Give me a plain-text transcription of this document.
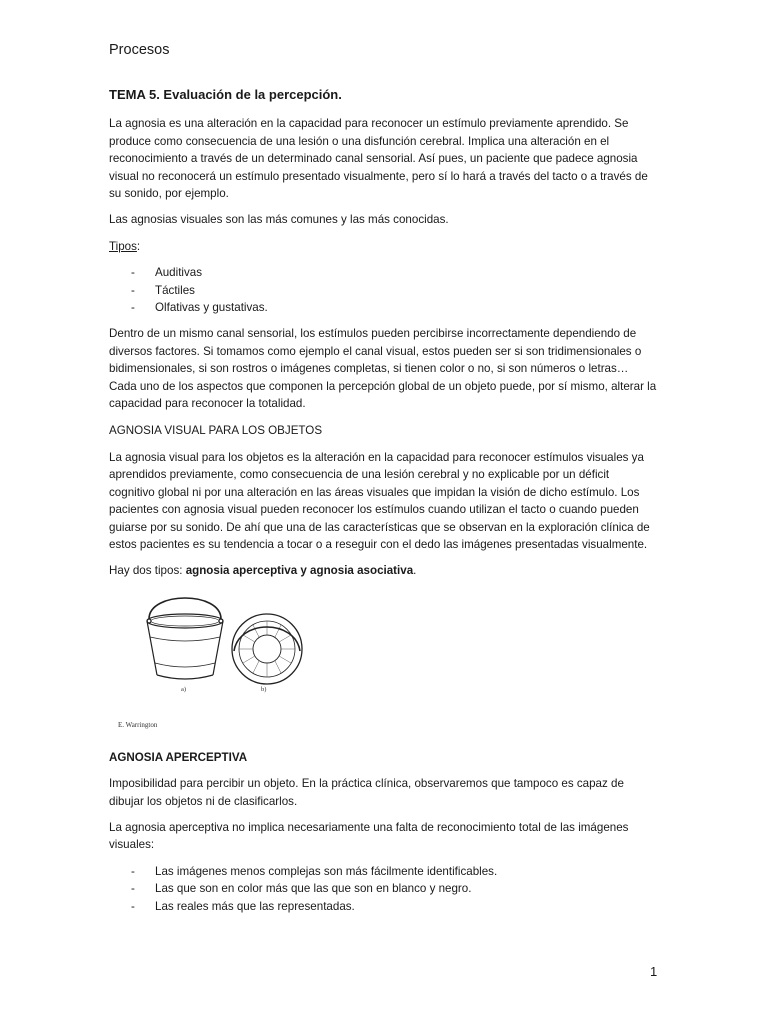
Procesos
TEMA 5. Evaluación de la percepción.

La agnosia es una alteración en la capacidad para reconocer un estímulo previamente aprendido. Se produce como consecuencia de una lesión o una disfunción cerebral. Implica una alteración en el reconocimiento a través de un determinado canal sensorial. Así pues, un paciente que padece agnosia visual no reconocerá un estímulo presentado visualmente, pero sí lo hará a través del tacto o a través de su sonido, por ejemplo.

Las agnosias visuales son las más comunes y las más conocidas.

Tipos:

- Auditivas
- Táctiles
- Olfativas y gustativas.

Dentro de un mismo canal sensorial, los estímulos pueden percibirse incorrectamente dependiendo de diversos factores. Si tomamos como ejemplo el canal visual, estos pueden ser si son tridimensionales o bidimensionales, si son rostros o imágenes completas, si tienen color o no, si son números o letras… Cada uno de los aspectos que componen la percepción global de un objeto puede, por sí mismo, alterar la capacidad para reconocer la totalidad.

AGNOSIA VISUAL PARA LOS OBJETOS

La agnosia visual para los objetos es la alteración en la capacidad para reconocer estímulos visuales ya aprendidos previamente, como consecuencia de una lesión cerebral y no explicable por un déficit cognitivo global ni por una alteración en las áreas visuales que impidan la visión de dicho estímulo. Los pacientes con agnosia visual pueden reconocer los estímulos cuando utilizan el tacto o cuando pueden guiarse por su sonido. De ahí que una de las características que se observan en la exploración clínica de estos pacientes es su tendencia a tocar o a reseguir con el dedo las imágenes presentadas visualmente.

Hay dos tipos: agnosia aperceptiva y agnosia asociativa.

a)	b)
E. Warrington

AGNOSIA APERCEPTIVA

Imposibilidad para percibir un objeto. En la práctica clínica, observaremos que tampoco es capaz de dibujar los objetos ni de clasificarlos.

La agnosia aperceptiva no implica necesariamente una falta de reconocimiento total de las imágenes visuales:

- Las imágenes menos complejas son más fácilmente identificables.
- Las que son en color más que las que son en blanco y negro.
- Las reales más que las representadas.
1
